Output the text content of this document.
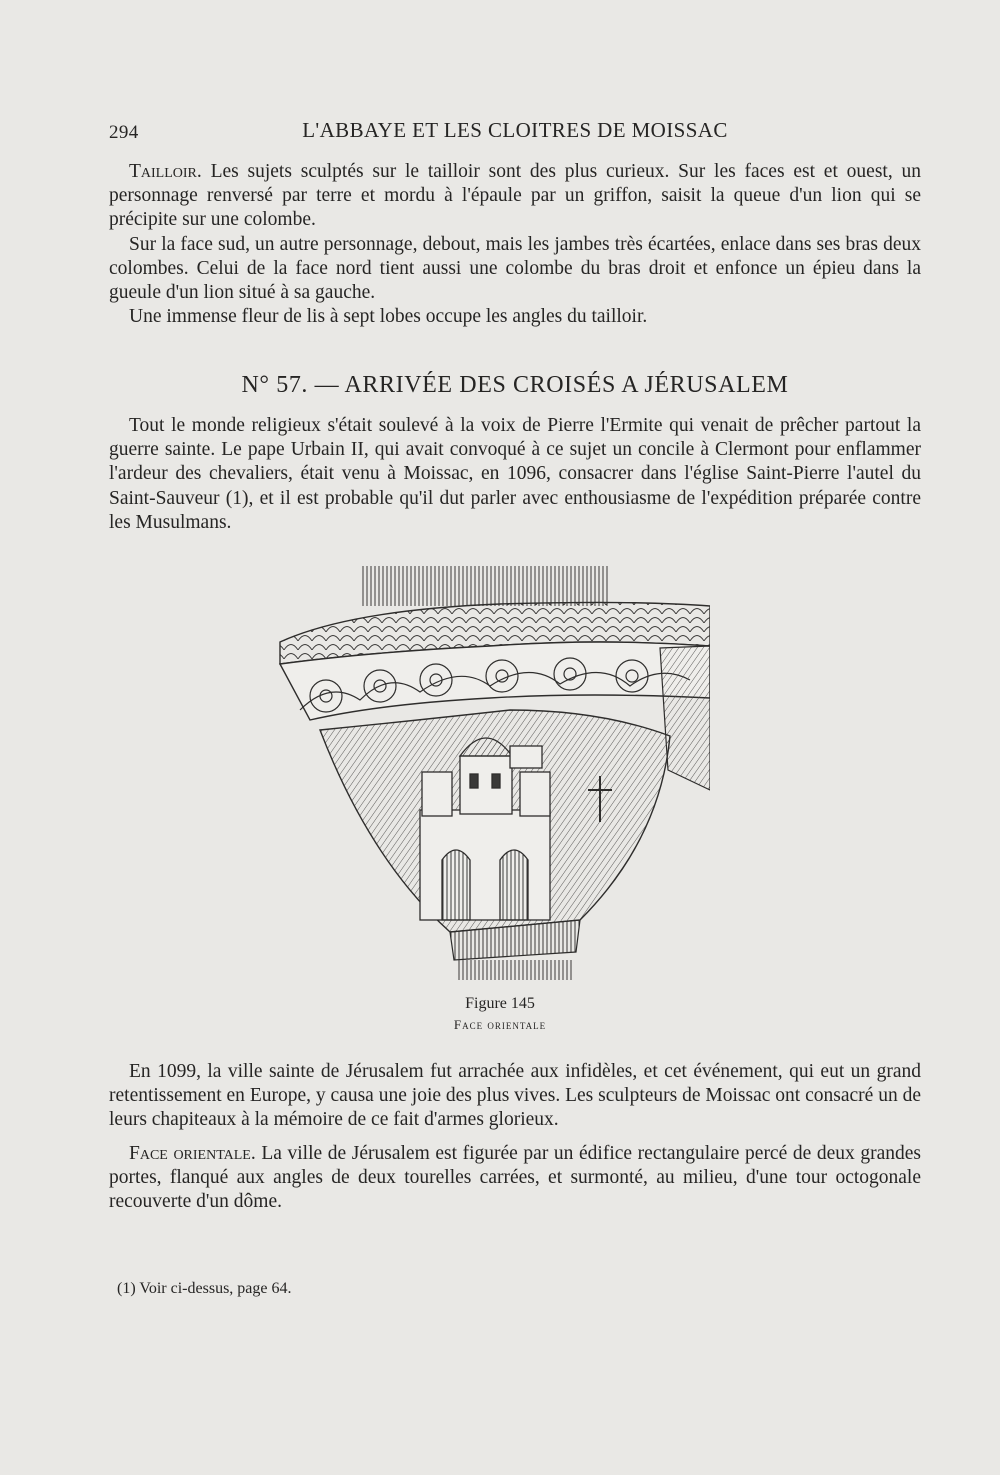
294	L'ABBAYE ET LES CLOITRES DE MOISSAC

Tailloir. Les sujets sculptés sur le tailloir sont des plus curieux. Sur les faces est et ouest, un personnage renversé par terre et mordu à l'épaule par un griffon, saisit la queue d'un lion qui se précipite sur une colombe.

Sur la face sud, un autre personnage, debout, mais les jambes très écartées, enlace dans ses bras deux colombes. Celui de la face nord tient aussi une colombe du bras droit et enfonce un épieu dans la gueule d'un lion situé à sa gauche.

Une immense fleur de lis à sept lobes occupe les angles du tailloir.

N° 57. — ARRIVÉE DES CROISÉS A JÉRUSALEM

Tout le monde religieux s'était soulevé à la voix de Pierre l'Ermite qui venait de prêcher partout la guerre sainte. Le pape Urbain II, qui avait convoqué à ce sujet un concile à Clermont pour enflammer l'ardeur des chevaliers, était venu à Moissac, en 1096, consacrer dans l'église Saint-Pierre l'autel du Saint-Sauveur (1), et il est probable qu'il dut parler avec enthousiasme de l'expédition préparée contre les Musulmans.

Figure 145
Face orientale

En 1099, la ville sainte de Jérusalem fut arrachée aux infidèles, et cet événement, qui eut un grand retentissement en Europe, y causa une joie des plus vives. Les sculpteurs de Moissac ont consacré un de leurs chapiteaux à la mémoire de ce fait d'armes glorieux.

Face orientale. La ville de Jérusalem est figurée par un édifice rectangulaire percé de deux grandes portes, flanqué aux angles de deux tourelles carrées, et surmonté, au milieu, d'une tour octogonale recouverte d'un dôme.

(1) Voir ci-dessus, page 64.
